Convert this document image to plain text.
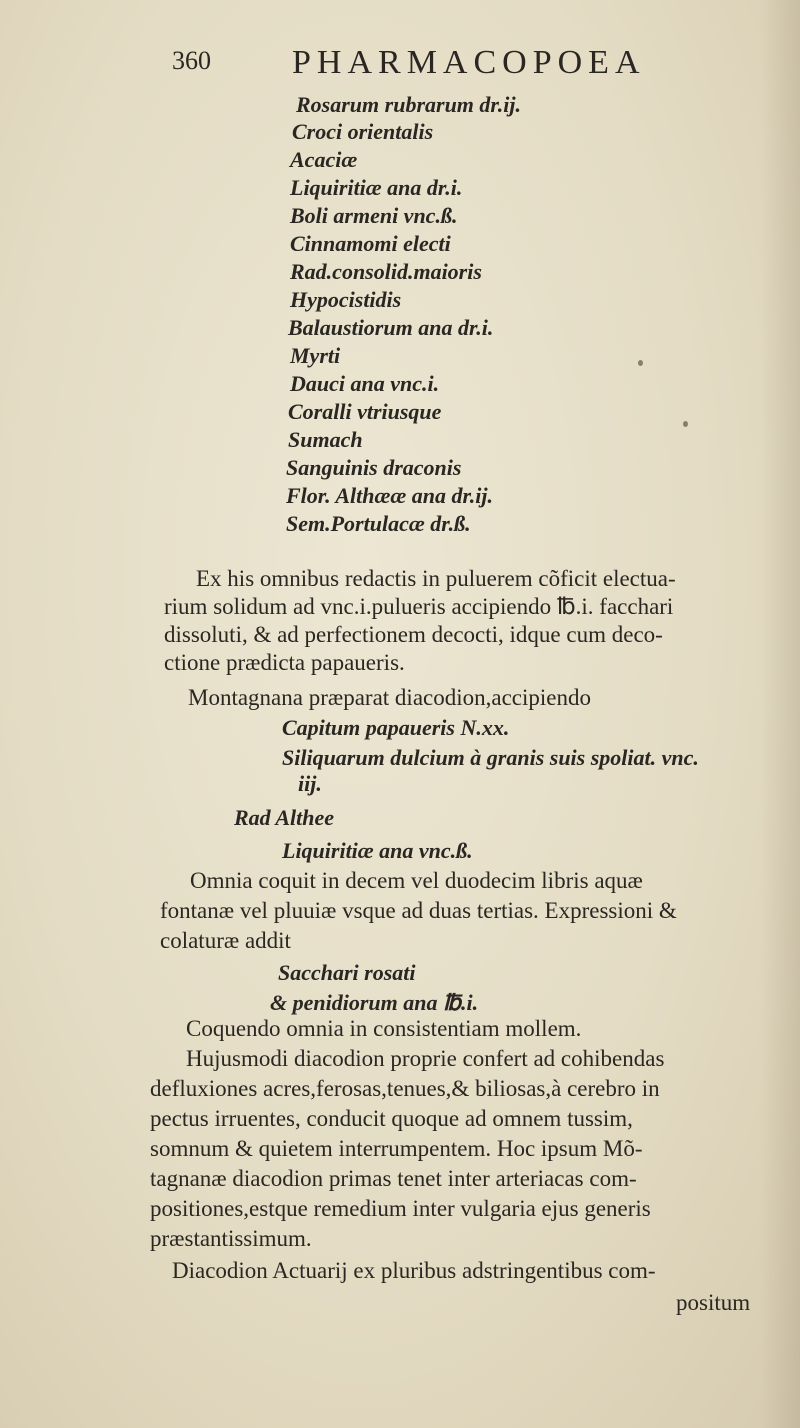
360 PHARMACOPOEA
Rosarum rubrarum dr.ij.
Croci orientalis
Acaciæ
Liquiritiæ ana dr.i.
Boli armeni vnc.ß.
Cinnamomi electi
Rad.consolid.maioris
Hypocistidis
Balaustiorum ana dr.i.
Myrti
Dauci ana vnc.i.
Coralli vtriusque
Sumach
Sanguinis draconis
Flor. Althææ ana dr.ij.
Sem.Portulacæ dr.ß.
Ex his omnibus redactis in puluerem cõficit electua-
rium solidum ad vnc.i.pulueris accipiendo ℔.i. facchari
dissoluti, & ad perfectionem decocti, idque cum deco-
ctione prædicta papaueris.
Montagnana præparat diacodion,accipiendo
Capitum papaueris N.xx.
Siliquarum dulcium à granis suis spoliat. vnc.
iij.
Rad Althee
Liquiritiæ ana vnc.ß.
Omnia coquit in decem vel duodecim libris aquæ
fontanæ vel pluuiæ vsque ad duas tertias. Expressioni &
colaturæ addit
Sacchari rosati
& penidiorum ana ℔.i.
Coquendo omnia in consistentiam mollem.
Hujusmodi diacodion proprie confert ad cohibendas
defluxiones acres,ferosas,tenues,& biliosas,à cerebro in
pectus irruentes, conducit quoque ad omnem tussim,
somnum & quietem interrumpentem. Hoc ipsum Mõ-
tagnanæ diacodion primas tenet inter arteriacas com-
positiones,estque remedium inter vulgaria ejus generis
præstantissimum.
Diacodion Actuarij ex pluribus adstringentibus com-
positum
